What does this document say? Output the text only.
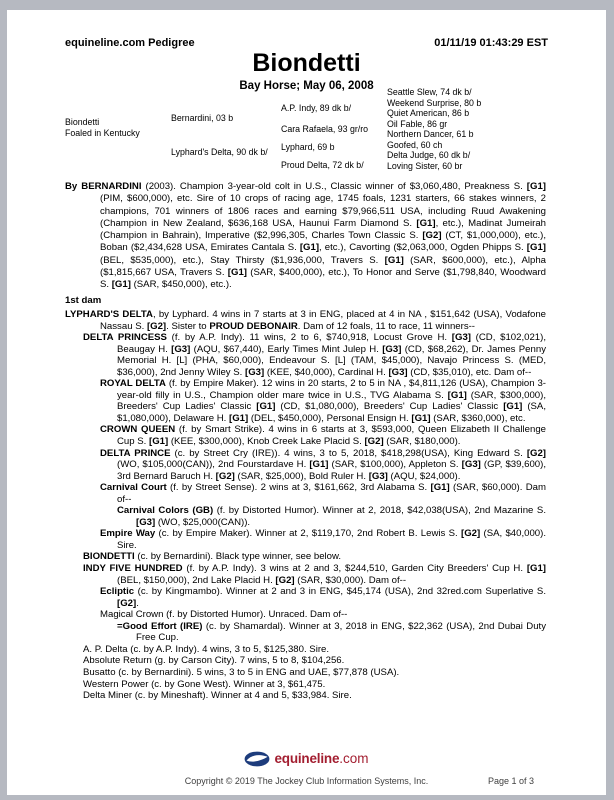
equineline.com Pedigree	01/11/19 01:43:29 EST
Biondetti
Bay Horse; May 06, 2008
Biondetti
Foaled in Kentucky
Bernardini, 03 b
Lyphard's Delta, 90 dk b/
A.P. Indy, 89 dk b/
Cara Rafaela, 93 gr/ro
Lyphard, 69 b
Proud Delta, 72 dk b/
Seattle Slew, 74 dk b/
Weekend Surprise, 80 b
Quiet American, 86 b
Oil Fable, 86 gr
Northern Dancer, 61 b
Goofed, 60 ch
Delta Judge, 60 dk b/
Loving Sister, 60 br
By BERNARDINI (2003). Champion 3-year-old colt in U.S., Classic winner of $3,060,480, Preakness S. [G1] (PIM, $600,000), etc. Sire of 10 crops of racing age, 1745 foals, 1231 starters, 66 stakes winners, 2 champions, 701 winners of 1806 races and earning $79,966,511 USA, including Ruud Awakening (Champion in New Zealand, $636,168 USA, Haunui Farm Diamond S. [G1], etc.), Madinat Jumeirah (Champion in Bahrain), Imperative ($2,996,305, Charles Town Classic S. [G2] (CT, $1,000,000), etc.), Boban ($2,434,628 USA, Emirates Cantala S. [G1], etc.), Cavorting ($2,063,000, Ogden Phipps S. [G1] (BEL, $535,000), etc.), Stay Thirsty ($1,936,000, Travers S. [G1] (SAR, $600,000), etc.), Alpha ($1,815,667 USA, Travers S. [G1] (SAR, $400,000), etc.), To Honor and Serve ($1,798,840, Woodward S. [G1] (SAR, $450,000), etc.).
1st dam
LYPHARD'S DELTA, by Lyphard. 4 wins in 7 starts at 3 in ENG, placed at 4 in NA , $151,642 (USA), Vodafone Nassau S. [G2]. Sister to PROUD DEBONAIR. Dam of 12 foals, 11 to race, 11 winners--
DELTA PRINCESS (f. by A.P. Indy). 11 wins, 2 to 6, $740,918, Locust Grove H. [G3] (CD, $102,021), Beaugay H. [G3] (AQU, $67,440), Early Times Mint Julep H. [G3] (CD, $68,262), Dr. James Penny Memorial H. [L] (PHA, $60,000), Endeavour S. [L] (TAM, $45,000), Navajo Princess S. (MED, $36,000), 2nd Jenny Wiley S. [G3] (KEE, $40,000), Cardinal H. [G3] (CD, $35,010), etc. Dam of--
ROYAL DELTA (f. by Empire Maker). 12 wins in 20 starts, 2 to 5 in NA , $4,811,126 (USA), Champion 3-year-old filly in U.S., Champion older mare twice in U.S., TVG Alabama S. [G1] (SAR, $300,000), Breeders' Cup Ladies' Classic [G1] (CD, $1,080,000), Breeders' Cup Ladies' Classic [G1] (SA, $1,080,000), Delaware H. [G1] (DEL, $450,000), Personal Ensign H. [G1] (SAR, $360,000), etc.
CROWN QUEEN (f. by Smart Strike). 4 wins in 6 starts at 3, $593,000, Queen Elizabeth II Challenge Cup S. [G1] (KEE, $300,000), Knob Creek Lake Placid S. [G2] (SAR, $180,000).
DELTA PRINCE (c. by Street Cry (IRE)). 4 wins, 3 to 5, 2018, $418,298(USA), King Edward S. [G2] (WO, $105,000(CAN)), 2nd Fourstardave H. [G1] (SAR, $100,000), Appleton S. [G3] (GP, $39,600), 3rd Bernard Baruch H. [G2] (SAR, $25,000), Bold Ruler H. [G3] (AQU, $24,000).
Carnival Court (f. by Street Sense). 2 wins at 3, $161,662, 3rd Alabama S. [G1] (SAR, $60,000). Dam of--
Carnival Colors (GB) (f. by Distorted Humor). Winner at 2, 2018, $42,038(USA), 2nd Mazarine S. [G3] (WO, $25,000(CAN)).
Empire Way (c. by Empire Maker). Winner at 2, $119,170, 2nd Robert B. Lewis S. [G2] (SA, $40,000). Sire.
BIONDETTI (c. by Bernardini). Black type winner, see below.
INDY FIVE HUNDRED (f. by A.P. Indy). 3 wins at 2 and 3, $244,510, Garden City Breeders' Cup H. [G1] (BEL, $150,000), 2nd Lake Placid H. [G2] (SAR, $30,000). Dam of--
Ecliptic (c. by Kingmambo). Winner at 2 and 3 in ENG, $45,174 (USA), 2nd 32red.com Superlative S. [G2].
Magical Crown (f. by Distorted Humor). Unraced. Dam of--
=Good Effort (IRE) (c. by Shamardal). Winner at 3, 2018 in ENG, $22,362 (USA), 2nd Dubai Duty Free Cup.
A. P. Delta (c. by A.P. Indy). 4 wins, 3 to 5, $125,380. Sire.
Absolute Return (g. by Carson City). 7 wins, 5 to 8, $104,256.
Busatto (c. by Bernardini). 5 wins, 3 to 5 in ENG and UAE, $77,878 (USA).
Western Power (c. by Gone West). Winner at 3, $61,475.
Delta Miner (c. by Mineshaft). Winner at 4 and 5, $33,984. Sire.
equineline.com
Copyright © 2019 The Jockey Club Information Systems, Inc.	Page 1 of 3
